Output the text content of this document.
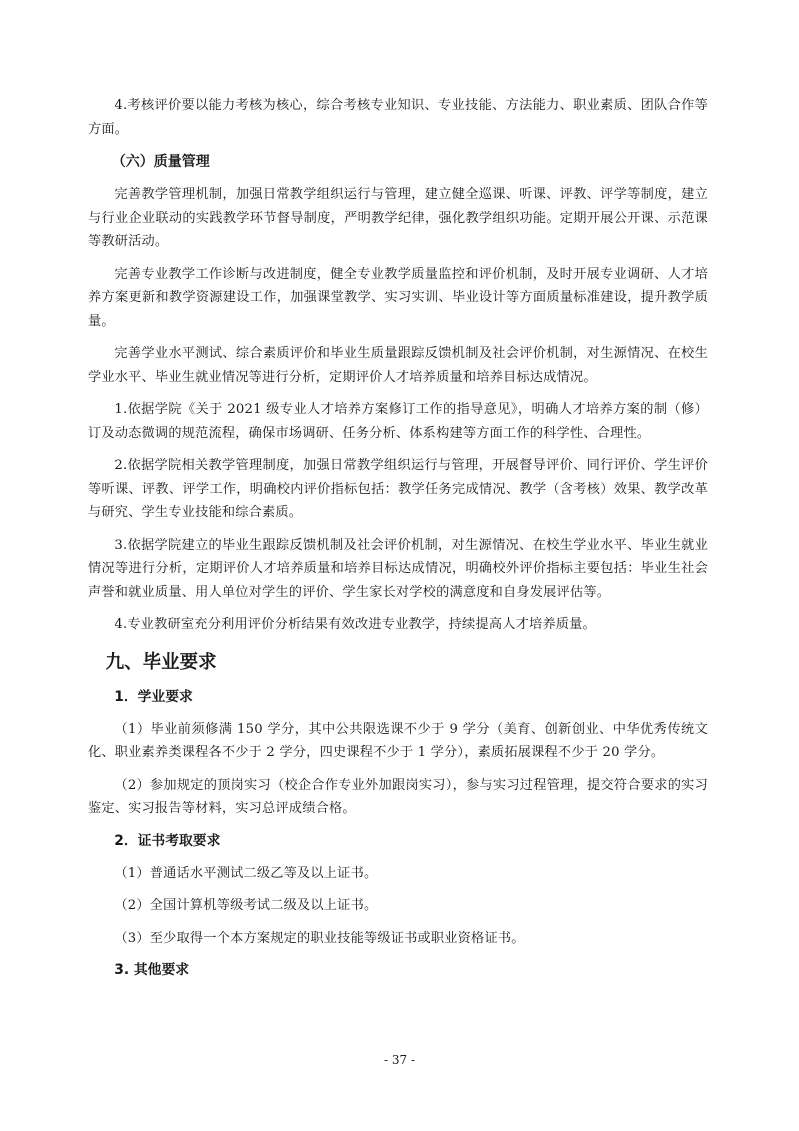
4.考核评价要以能力考核为核心，综合考核专业知识、专业技能、方法能力、职业素质、团队合作等方面。

（六）质量管理

完善教学管理机制，加强日常教学组织运行与管理，建立健全巡课、听课、评教、评学等制度，建立与行业企业联动的实践教学环节督导制度，严明教学纪律，强化教学组织功能。定期开展公开课、示范课等教研活动。

完善专业教学工作诊断与改进制度，健全专业教学质量监控和评价机制，及时开展专业调研、人才培养方案更新和教学资源建设工作，加强课堂教学、实习实训、毕业设计等方面质量标准建设，提升教学质量。

完善学业水平测试、综合素质评价和毕业生质量跟踪反馈机制及社会评价机制，对生源情况、在校生学业水平、毕业生就业情况等进行分析，定期评价人才培养质量和培养目标达成情况。

1.依据学院《关于 2021 级专业人才培养方案修订工作的指导意见》，明确人才培养方案的制（修）订及动态微调的规范流程，确保市场调研、任务分析、体系构建等方面工作的科学性、合理性。

2.依据学院相关教学管理制度，加强日常教学组织运行与管理，开展督导评价、同行评价、学生评价等听课、评教、评学工作，明确校内评价指标包括：教学任务完成情况、教学（含考核）效果、教学改革与研究、学生专业技能和综合素质。

3.依据学院建立的毕业生跟踪反馈机制及社会评价机制，对生源情况、在校生学业水平、毕业生就业情况等进行分析，定期评价人才培养质量和培养目标达成情况，明确校外评价指标主要包括：毕业生社会声誉和就业质量、用人单位对学生的评价、学生家长对学校的满意度和自身发展评估等。

4.专业教研室充分利用评价分析结果有效改进专业教学，持续提高人才培养质量。

九、毕业要求
1．学业要求

（1）毕业前须修满 150 学分，其中公共限选课不少于 9 学分（美育、创新创业、中华优秀传统文化、职业素养类课程各不少于 2 学分，四史课程不少于 1 学分），素质拓展课程不少于 20 学分。

（2）参加规定的顶岗实习（校企合作专业外加跟岗实习），参与实习过程管理，提交符合要求的实习鉴定、实习报告等材料，实习总评成绩合格。

2．证书考取要求

（1）普通话水平测试二级乙等及以上证书。

（2）全国计算机等级考试二级及以上证书。

（3）至少取得一个本方案规定的职业技能等级证书或职业资格证书。

3. 其他要求
- 37 -
